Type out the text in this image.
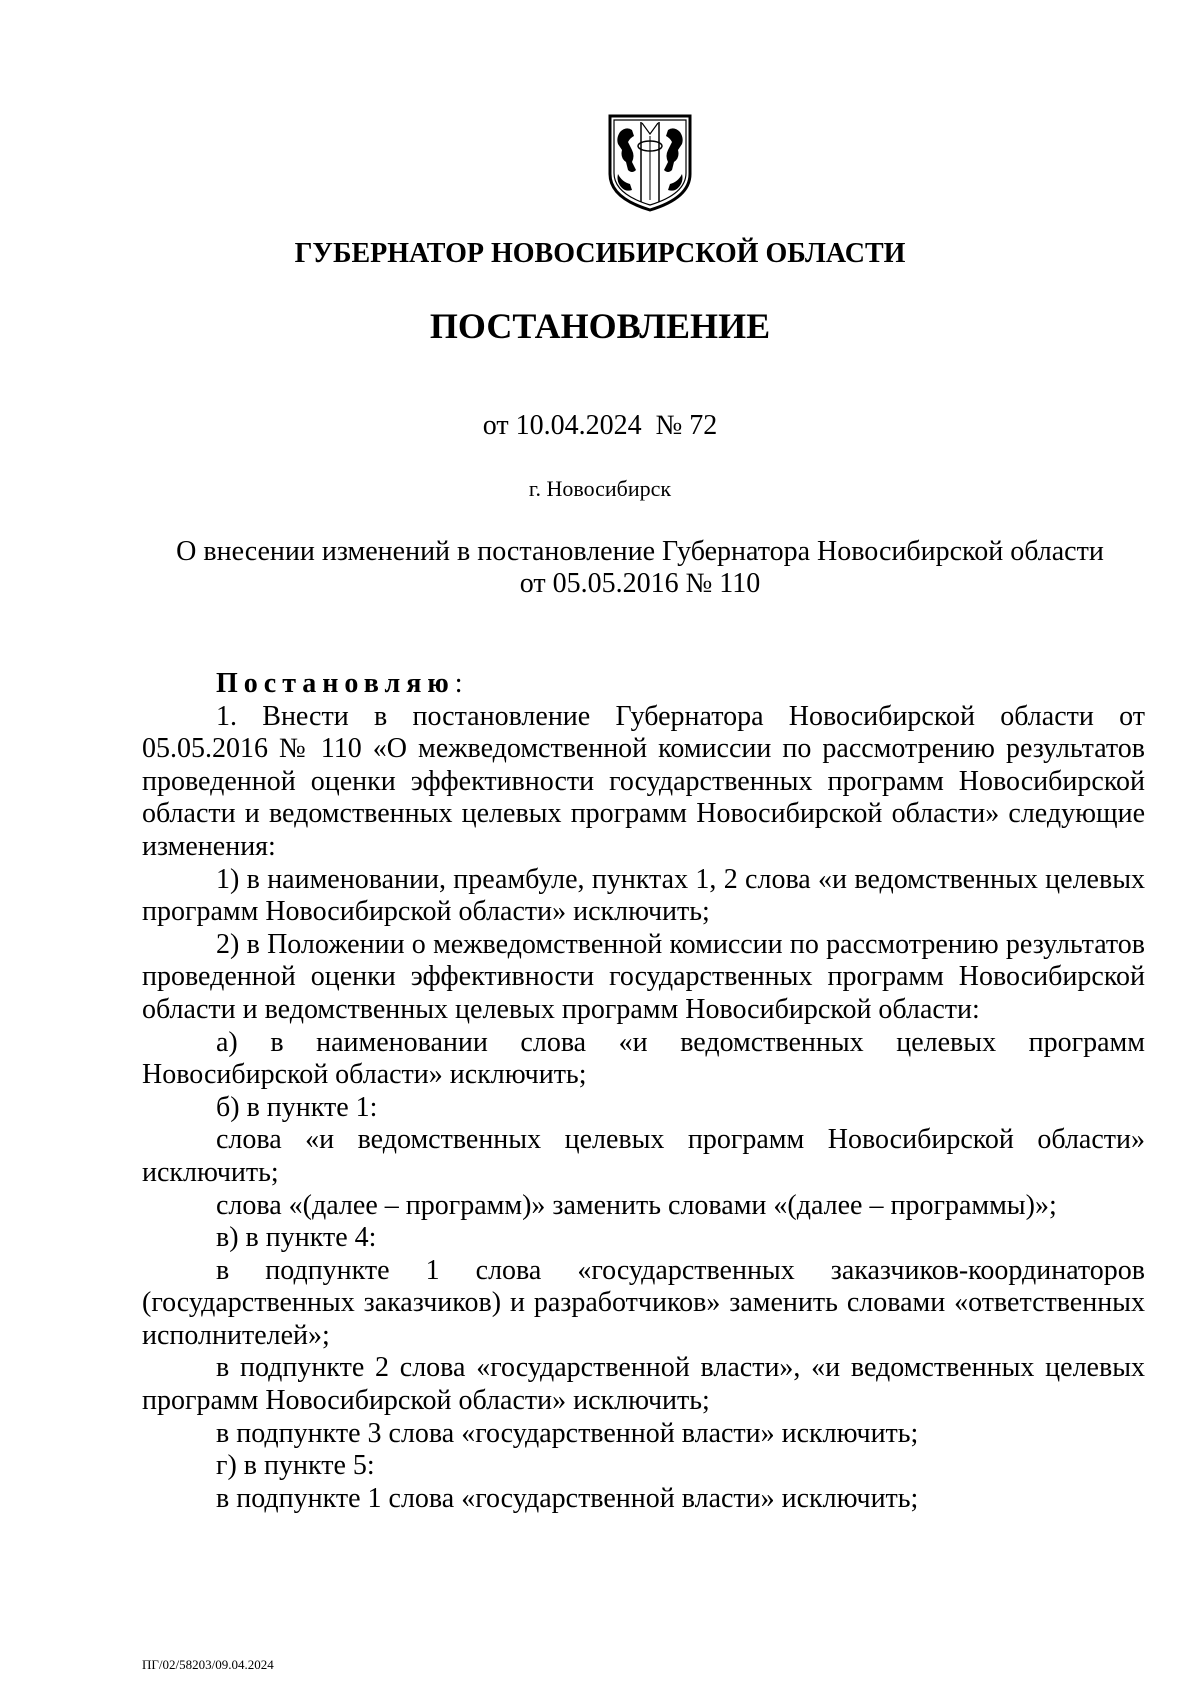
ГУБЕРНАТОР НОВОСИБИРСКОЙ ОБЛАСТИ
ПОСТАНОВЛЕНИЕ
от 10.04.2024 № 72
г. Новосибирск
О внесении изменений в постановление Губернатора Новосибирской области
от 05.05.2016 № 110

Постановляю:

1. Внести в постановление Губернатора Новосибирской области от 05.05.2016 № 110 «О межведомственной комиссии по рассмотрению результатов проведенной оценки эффективности государственных программ Новосибирской области и ведомственных целевых программ Новосибирской области» следующие изменения:

1) в наименовании, преамбуле, пунктах 1, 2 слова «и ведомственных целевых программ Новосибирской области» исключить;

2) в Положении о межведомственной комиссии по рассмотрению результатов проведенной оценки эффективности государственных программ Новосибирской области и ведомственных целевых программ Новосибирской области:

а) в наименовании слова «и ведомственных целевых программ Новосибирской области» исключить;

б) в пункте 1:

слова «и ведомственных целевых программ Новосибирской области» исключить;

слова «(далее – программ)» заменить словами «(далее – программы)»;

в) в пункте 4:

в подпункте 1 слова «государственных заказчиков-координаторов (государственных заказчиков) и разработчиков» заменить словами «ответственных исполнителей»;

в подпункте 2 слова «государственной власти», «и ведомственных целевых программ Новосибирской области» исключить;

в подпункте 3 слова «государственной власти» исключить;

г) в пункте 5:

в подпункте 1 слова «государственной власти» исключить;

ПГ/02/58203/09.04.2024
